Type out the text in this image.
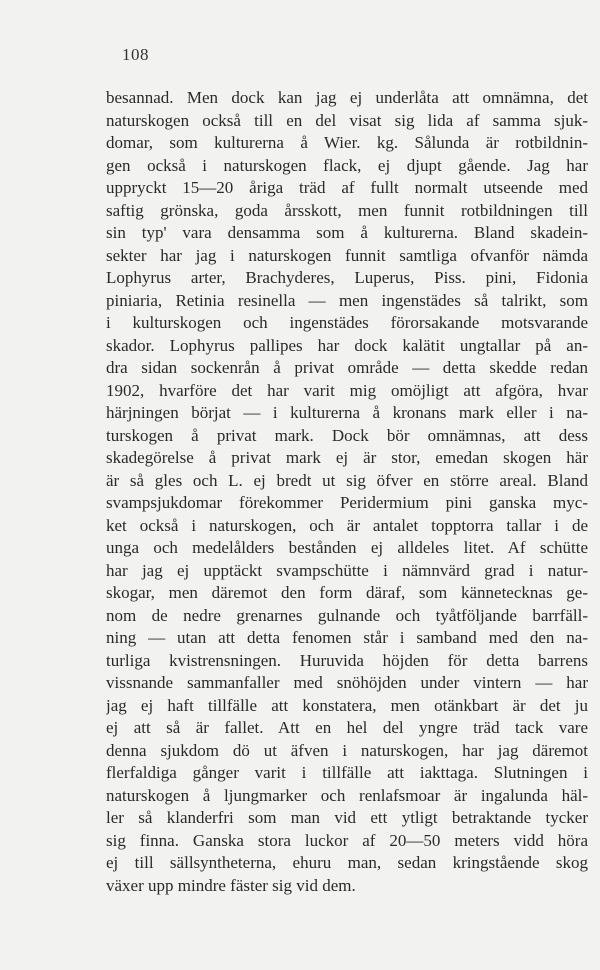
108
besannad. Men dock kan jag ej underlåta att omnämna, det
naturskogen också till en del visat sig lida af samma sjuk-
domar, som kulturerna å Wier. kg. Sålunda är rotbildnin-
gen också i naturskogen flack, ej djupt gående. Jag har
uppryckt 15—20 åriga träd af fullt normalt utseende med
saftig grönska, goda årsskott, men funnit rotbildningen till
sin typ' vara densamma som å kulturerna. Bland skadein-
sekter har jag i naturskogen funnit samtliga ofvanför nämda
Lophyrus arter, Brachyderes, Luperus, Piss. pini, Fidonia
piniaria, Retinia resinella — men ingenstädes så talrikt, som
i kulturskogen och ingenstädes förorsakande motsvarande
skador. Lophyrus pallipes har dock kalätit ungtallar på an-
dra sidan sockenrån å privat område — detta skedde redan
1902, hvarföre det har varit mig omöjligt att afgöra, hvar
härjningen börjat — i kulturerna å kronans mark eller i na-
turskogen å privat mark. Dock bör omnämnas, att dess
skadegörelse å privat mark ej är stor, emedan skogen här
är så gles och L. ej bredt ut sig öfver en större areal. Bland
svampsjukdomar förekommer Peridermium pini ganska myc-
ket också i naturskogen, och är antalet topptorra tallar i de
unga och medelålders bestånden ej alldeles litet. Af schütte
har jag ej upptäckt svampschütte i nämnvärd grad i natur-
skogar, men däremot den form däraf, som kännetecknas ge-
nom de nedre grenarnes gulnande och tyåtföljande barrfäll-
ning — utan att detta fenomen står i samband med den na-
turliga kvistrensningen. Huruvida höjden för detta barrens
vissnande sammanfaller med snöhöjden under vintern — har
jag ej haft tillfälle att konstatera, men otänkbart är det ju
ej att så är fallet. Att en hel del yngre träd tack vare
denna sjukdom dö ut äfven i naturskogen, har jag däremot
flerfaldiga gånger varit i tillfälle att iakttaga. Slutningen i
naturskogen å ljungmarker och renlafsmoar är ingalunda häl-
ler så klanderfri som man vid ett ytligt betraktande tycker
sig finna. Ganska stora luckor af 20—50 meters vidd höra
ej till sällsyntheterna, ehuru man, sedan kringstående skog
växer upp mindre fäster sig vid dem.
